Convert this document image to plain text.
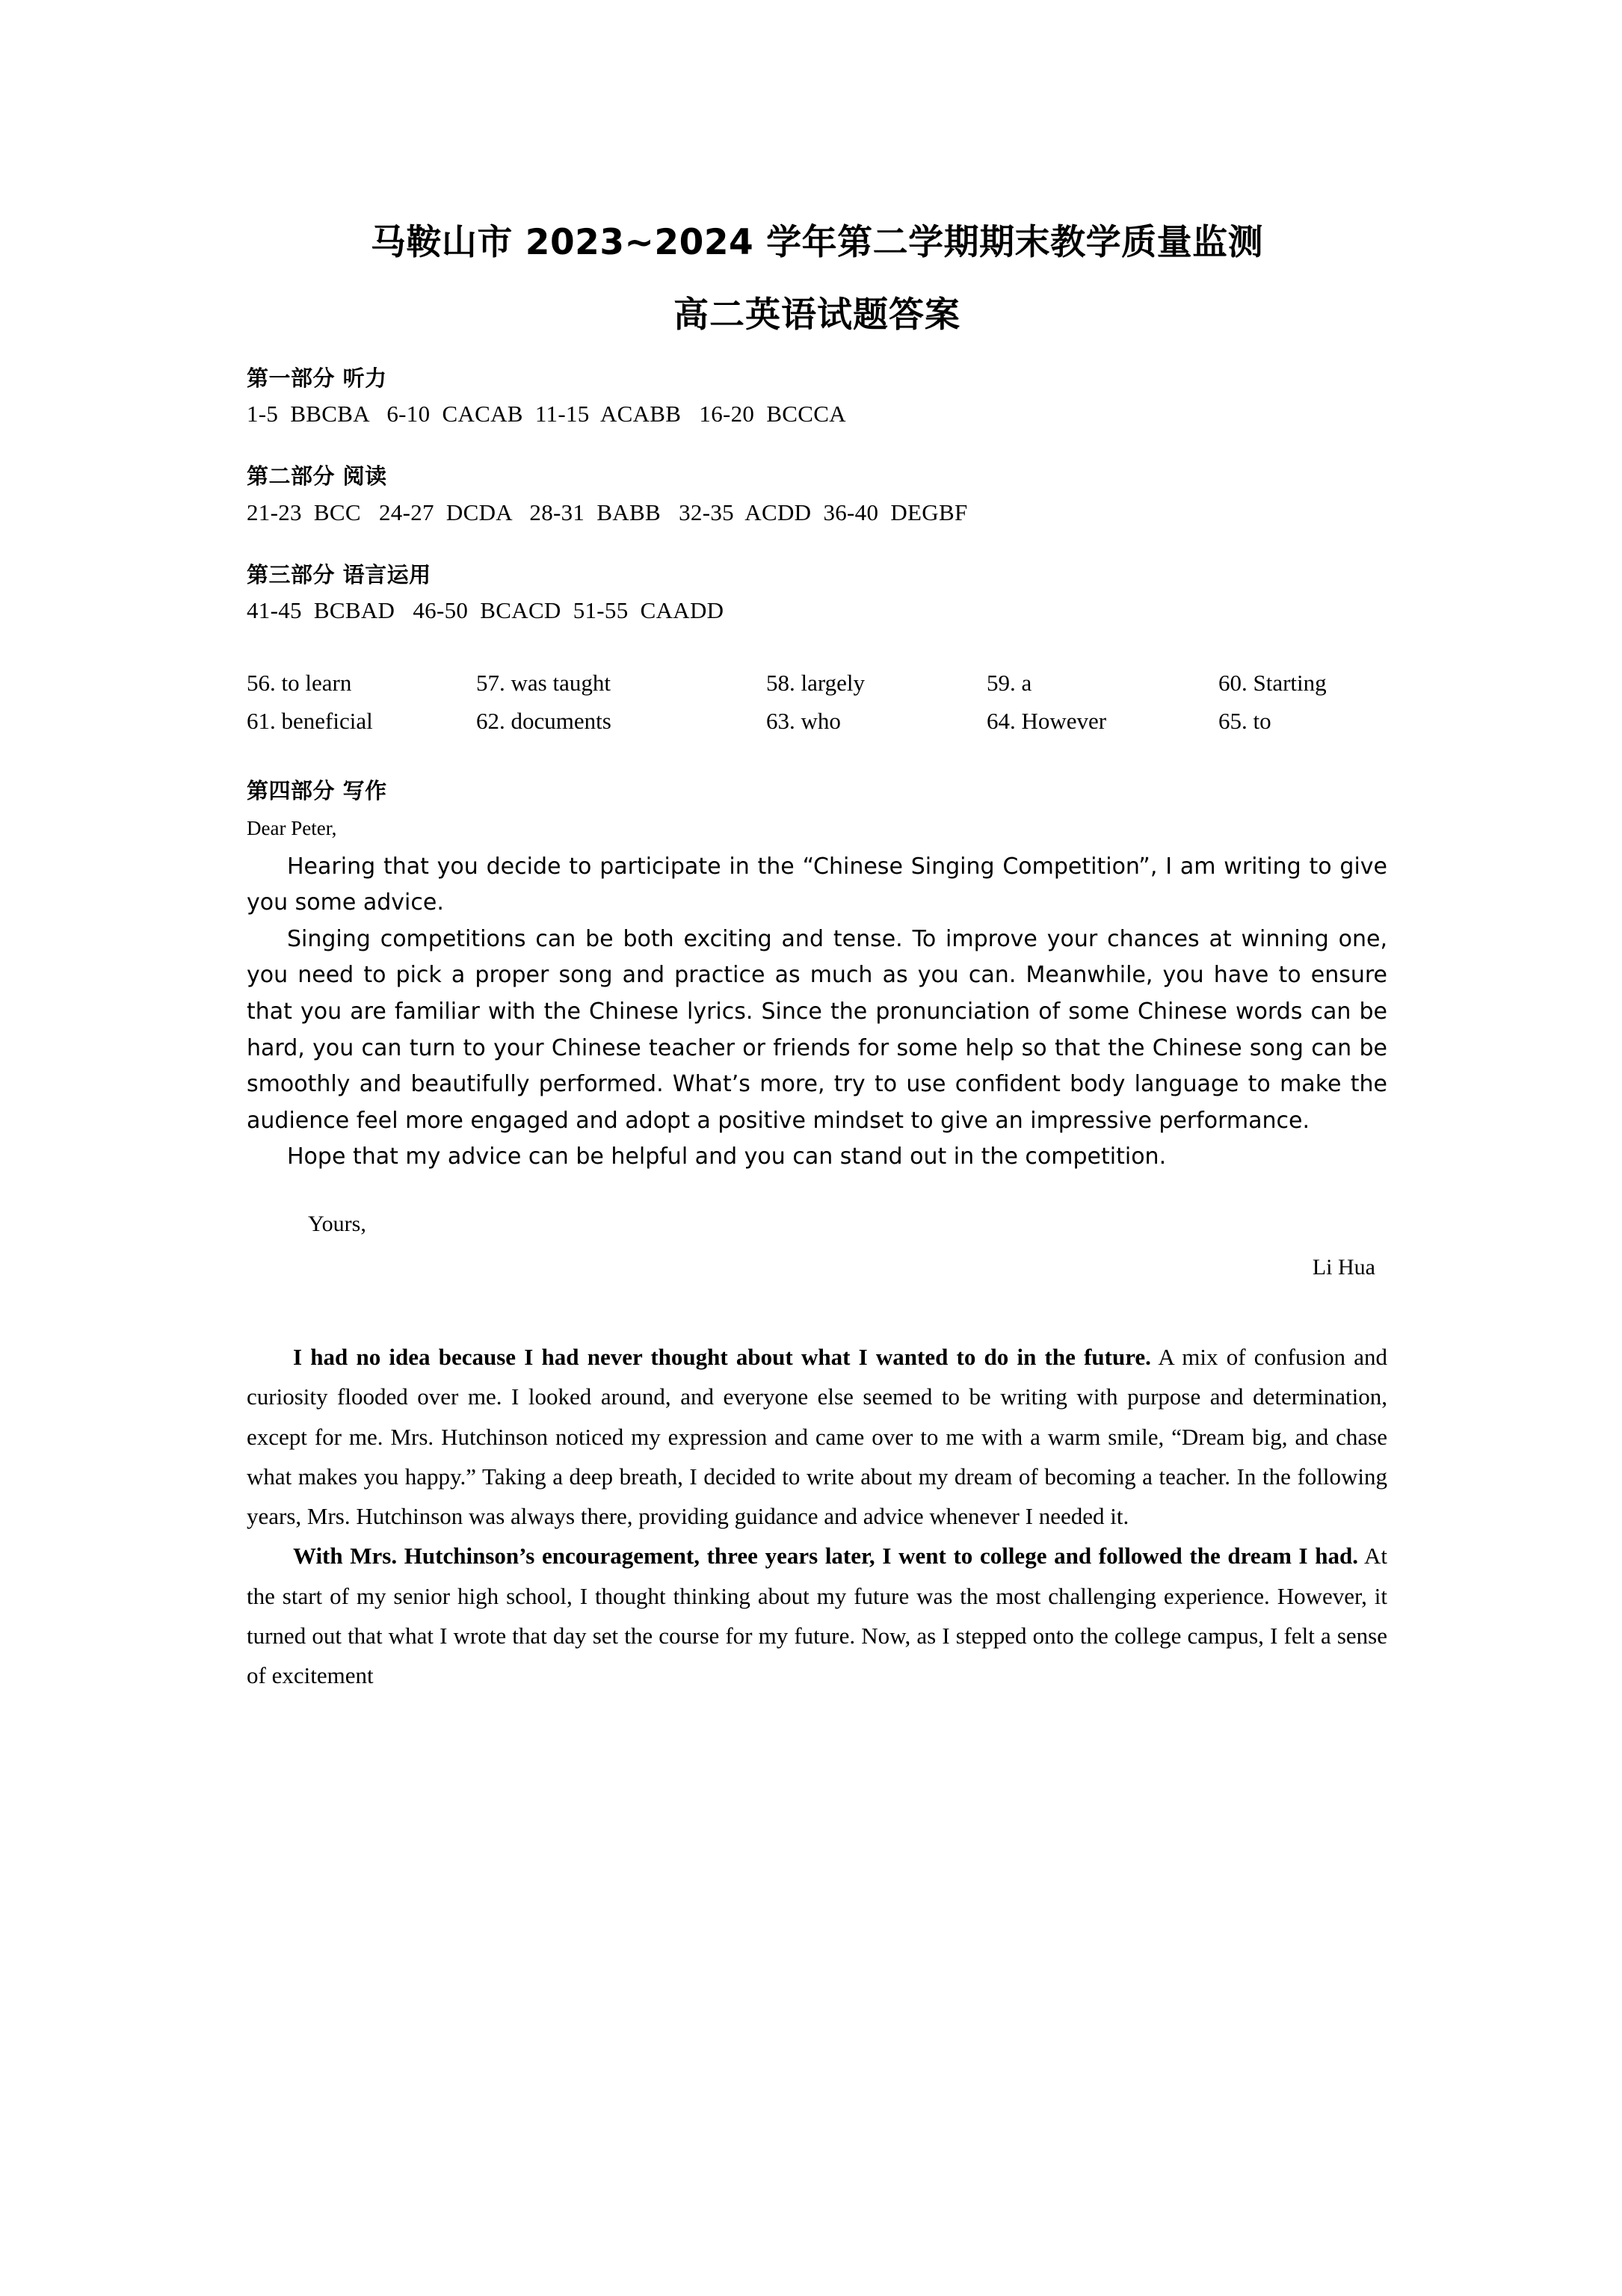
马鞍山市 2023~2024 学年第二学期期末教学质量监测
高二英语试题答案

第一部分 听力

1-5  BBCBA   6-10  CACAB  11-15  ACABB   16-20  BCCCA

第二部分 阅读

21-23  BCC   24-27  DCDA   28-31  BABB   32-35  ACDD  36-40  DEGBF

第三部分 语言运用

41-45  BCBAD   46-50  BCACD  51-55  CAADD

56. to learn	57. was taught	58. largely	59. a	60. Starting
61. beneficial	62. documents	63. who	64. However	65. to

第四部分 写作

Dear Peter,

Hearing that you decide to participate in the “Chinese Singing Competition”, I am writing to give you some advice.

Singing competitions can be both exciting and tense. To improve your chances at winning one, you need to pick a proper song and practice as much as you can. Meanwhile, you have to ensure that you are familiar with the Chinese lyrics. Since the pronunciation of some Chinese words can be hard, you can turn to your Chinese teacher or friends for some help so that the Chinese song can be smoothly and beautifully performed. What’s more, try to use confident body language to make the audience feel more engaged and adopt a positive mindset to give an impressive performance.

Hope that my advice can be helpful and you can stand out in the competition.

Yours,

Li Hua

I had no idea because I had never thought about what I wanted to do in the future. A mix of confusion and curiosity flooded over me. I looked around, and everyone else seemed to be writing with purpose and determination, except for me. Mrs. Hutchinson noticed my expression and came over to me with a warm smile, “Dream big, and chase what makes you happy.” Taking a deep breath, I decided to write about my dream of becoming a teacher. In the following years, Mrs. Hutchinson was always there, providing guidance and advice whenever I needed it.

With Mrs. Hutchinson’s encouragement, three years later, I went to college and followed the dream I had. At the start of my senior high school, I thought thinking about my future was the most challenging experience. However, it turned out that what I wrote that day set the course for my future. Now, as I stepped onto the college campus, I felt a sense of excitement
